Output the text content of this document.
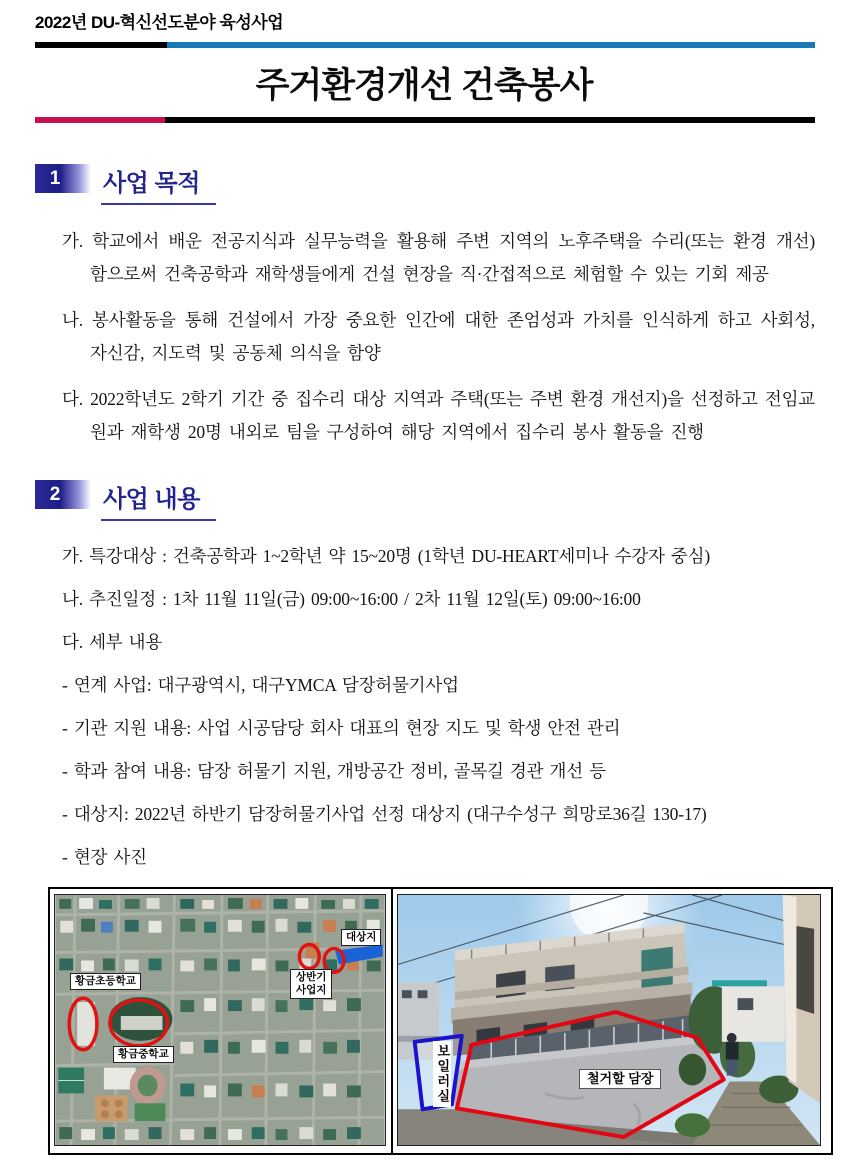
2022년 DU-혁신선도분야 육성사업
주거환경개선 건축봉사
1	사업 목적
가. 학교에서 배운 전공지식과 실무능력을 활용해 주변 지역의 노후주택을 수리(또는 환경 개선) 함으로써 건축공학과 재학생들에게 건설 현장을 직·간접적으로 체험할 수 있는 기회 제공
나. 봉사활동을 통해 건설에서 가장 중요한 인간에 대한 존엄성과 가치를 인식하게 하고 사회성, 자신감, 지도력 및 공동체 의식을 함양
다. 2022학년도 2학기 기간 중 집수리 대상 지역과 주택(또는 주변 환경 개선지)을 선정하고 전임교원과 재학생 20명 내외로 팀을 구성하여 해당 지역에서 집수리 봉사 활동을 진행
2	사업 내용
가. 특강대상 : 건축공학과 1~2학년 약 15~20명 (1학년 DU-HEART세미나 수강자 중심)
나. 추진일정 : 1차 11월 11일(금) 09:00~16:00 / 2차 11월 12일(토) 09:00~16:00
다. 세부 내용
- 연계 사업: 대구광역시, 대구YMCA 담장허물기사업
- 기관 지원 내용: 사업 시공담당 회사 대표의 현장 지도 및 학생 안전 관리
- 학과 참여 내용: 담장 허물기 지원, 개방공간 정비, 골목길 경관 개선 등
- 대상지: 2022년 하반기 담장허물기사업 선정 대상지 (대구수성구 희망로36길 130-17)
- 현장 사진
황금초등학교
황금중학교
상반기
사업지
대상지
보일러실	철거할 담장
